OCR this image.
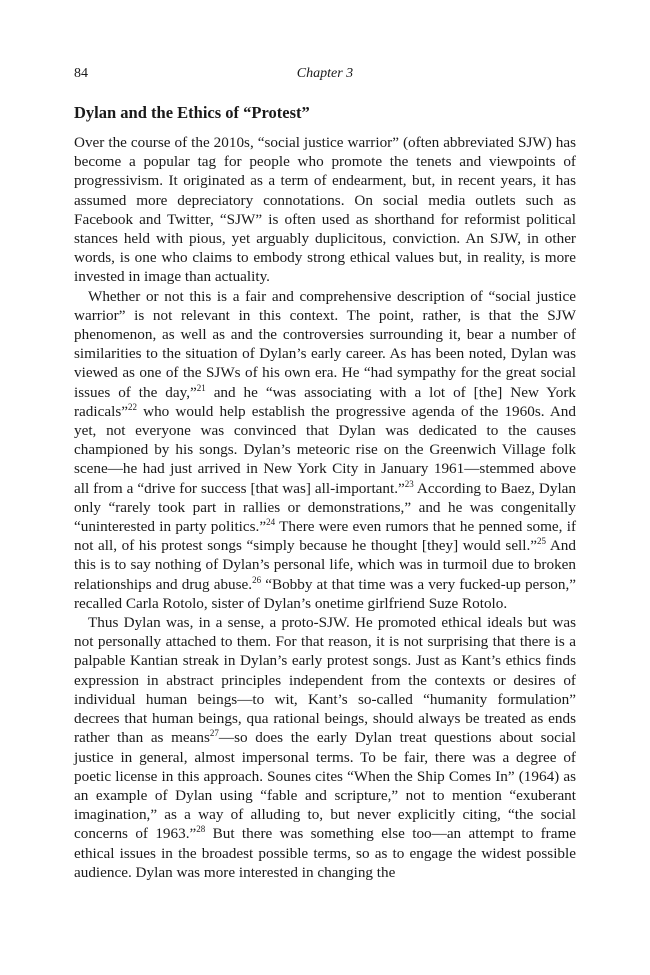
84	Chapter 3
Dylan and the Ethics of “Protest”

Over the course of the 2010s, “social justice warrior” (often abbreviated SJW) has become a popular tag for people who promote the tenets and viewpoints of progressivism. It originated as a term of endearment, but, in recent years, it has assumed more depreciatory connotations. On social media outlets such as Facebook and Twitter, “SJW” is often used as shorthand for reformist political stances held with pious, yet arguably duplicitous, conviction. An SJW, in other words, is one who claims to embody strong ethical values but, in reality, is more invested in image than actuality.

Whether or not this is a fair and comprehensive description of “social justice warrior” is not relevant in this context. The point, rather, is that the SJW phenomenon, as well as and the controversies surrounding it, bear a number of similarities to the situation of Dylan’s early career. As has been noted, Dylan was viewed as one of the SJWs of his own era. He “had sympathy for the great social issues of the day,”$^{21}$ and he “was associating with a lot of [the] New York radicals”$^{22}$ who would help establish the progressive agenda of the 1960s. And yet, not everyone was convinced that Dylan was dedicated to the causes championed by his songs. Dylan’s meteoric rise on the Greenwich Village folk scene—he had just arrived in New York City in January 1961—stemmed above all from a “drive for success [that was] all-important.”$^{23}$ According to Baez, Dylan only “rarely took part in rallies or demonstrations,” and he was congenitally “uninterested in party politics.”$^{24}$ There were even rumors that he penned some, if not all, of his protest songs “simply because he thought [they] would sell.”$^{25}$ And this is to say nothing of Dylan’s personal life, which was in turmoil due to broken relationships and drug abuse.$^{26}$ “Bobby at that time was a very fucked-up person,” recalled Carla Rotolo, sister of Dylan’s onetime girlfriend Suze Rotolo.

Thus Dylan was, in a sense, a proto-SJW. He promoted ethical ideals but was not personally attached to them. For that reason, it is not surprising that there is a palpable Kantian streak in Dylan’s early protest songs. Just as Kant’s ethics finds expression in abstract principles independent from the contexts or desires of individual human beings—to wit, Kant’s so-called “humanity formulation” decrees that human beings, qua rational beings, should always be treated as ends rather than as means$^{27}$—so does the early Dylan treat questions about social justice in general, almost impersonal terms. To be fair, there was a degree of poetic license in this approach. Sounes cites “When the Ship Comes In” (1964) as an example of Dylan using “fable and scripture,” not to mention “exuberant imagination,” as a way of alluding to, but never explicitly citing, “the social concerns of 1963.”$^{28}$ But there was something else too—an attempt to frame ethical issues in the broadest possible terms, so as to engage the widest possible audience. Dylan was more interested in changing the
